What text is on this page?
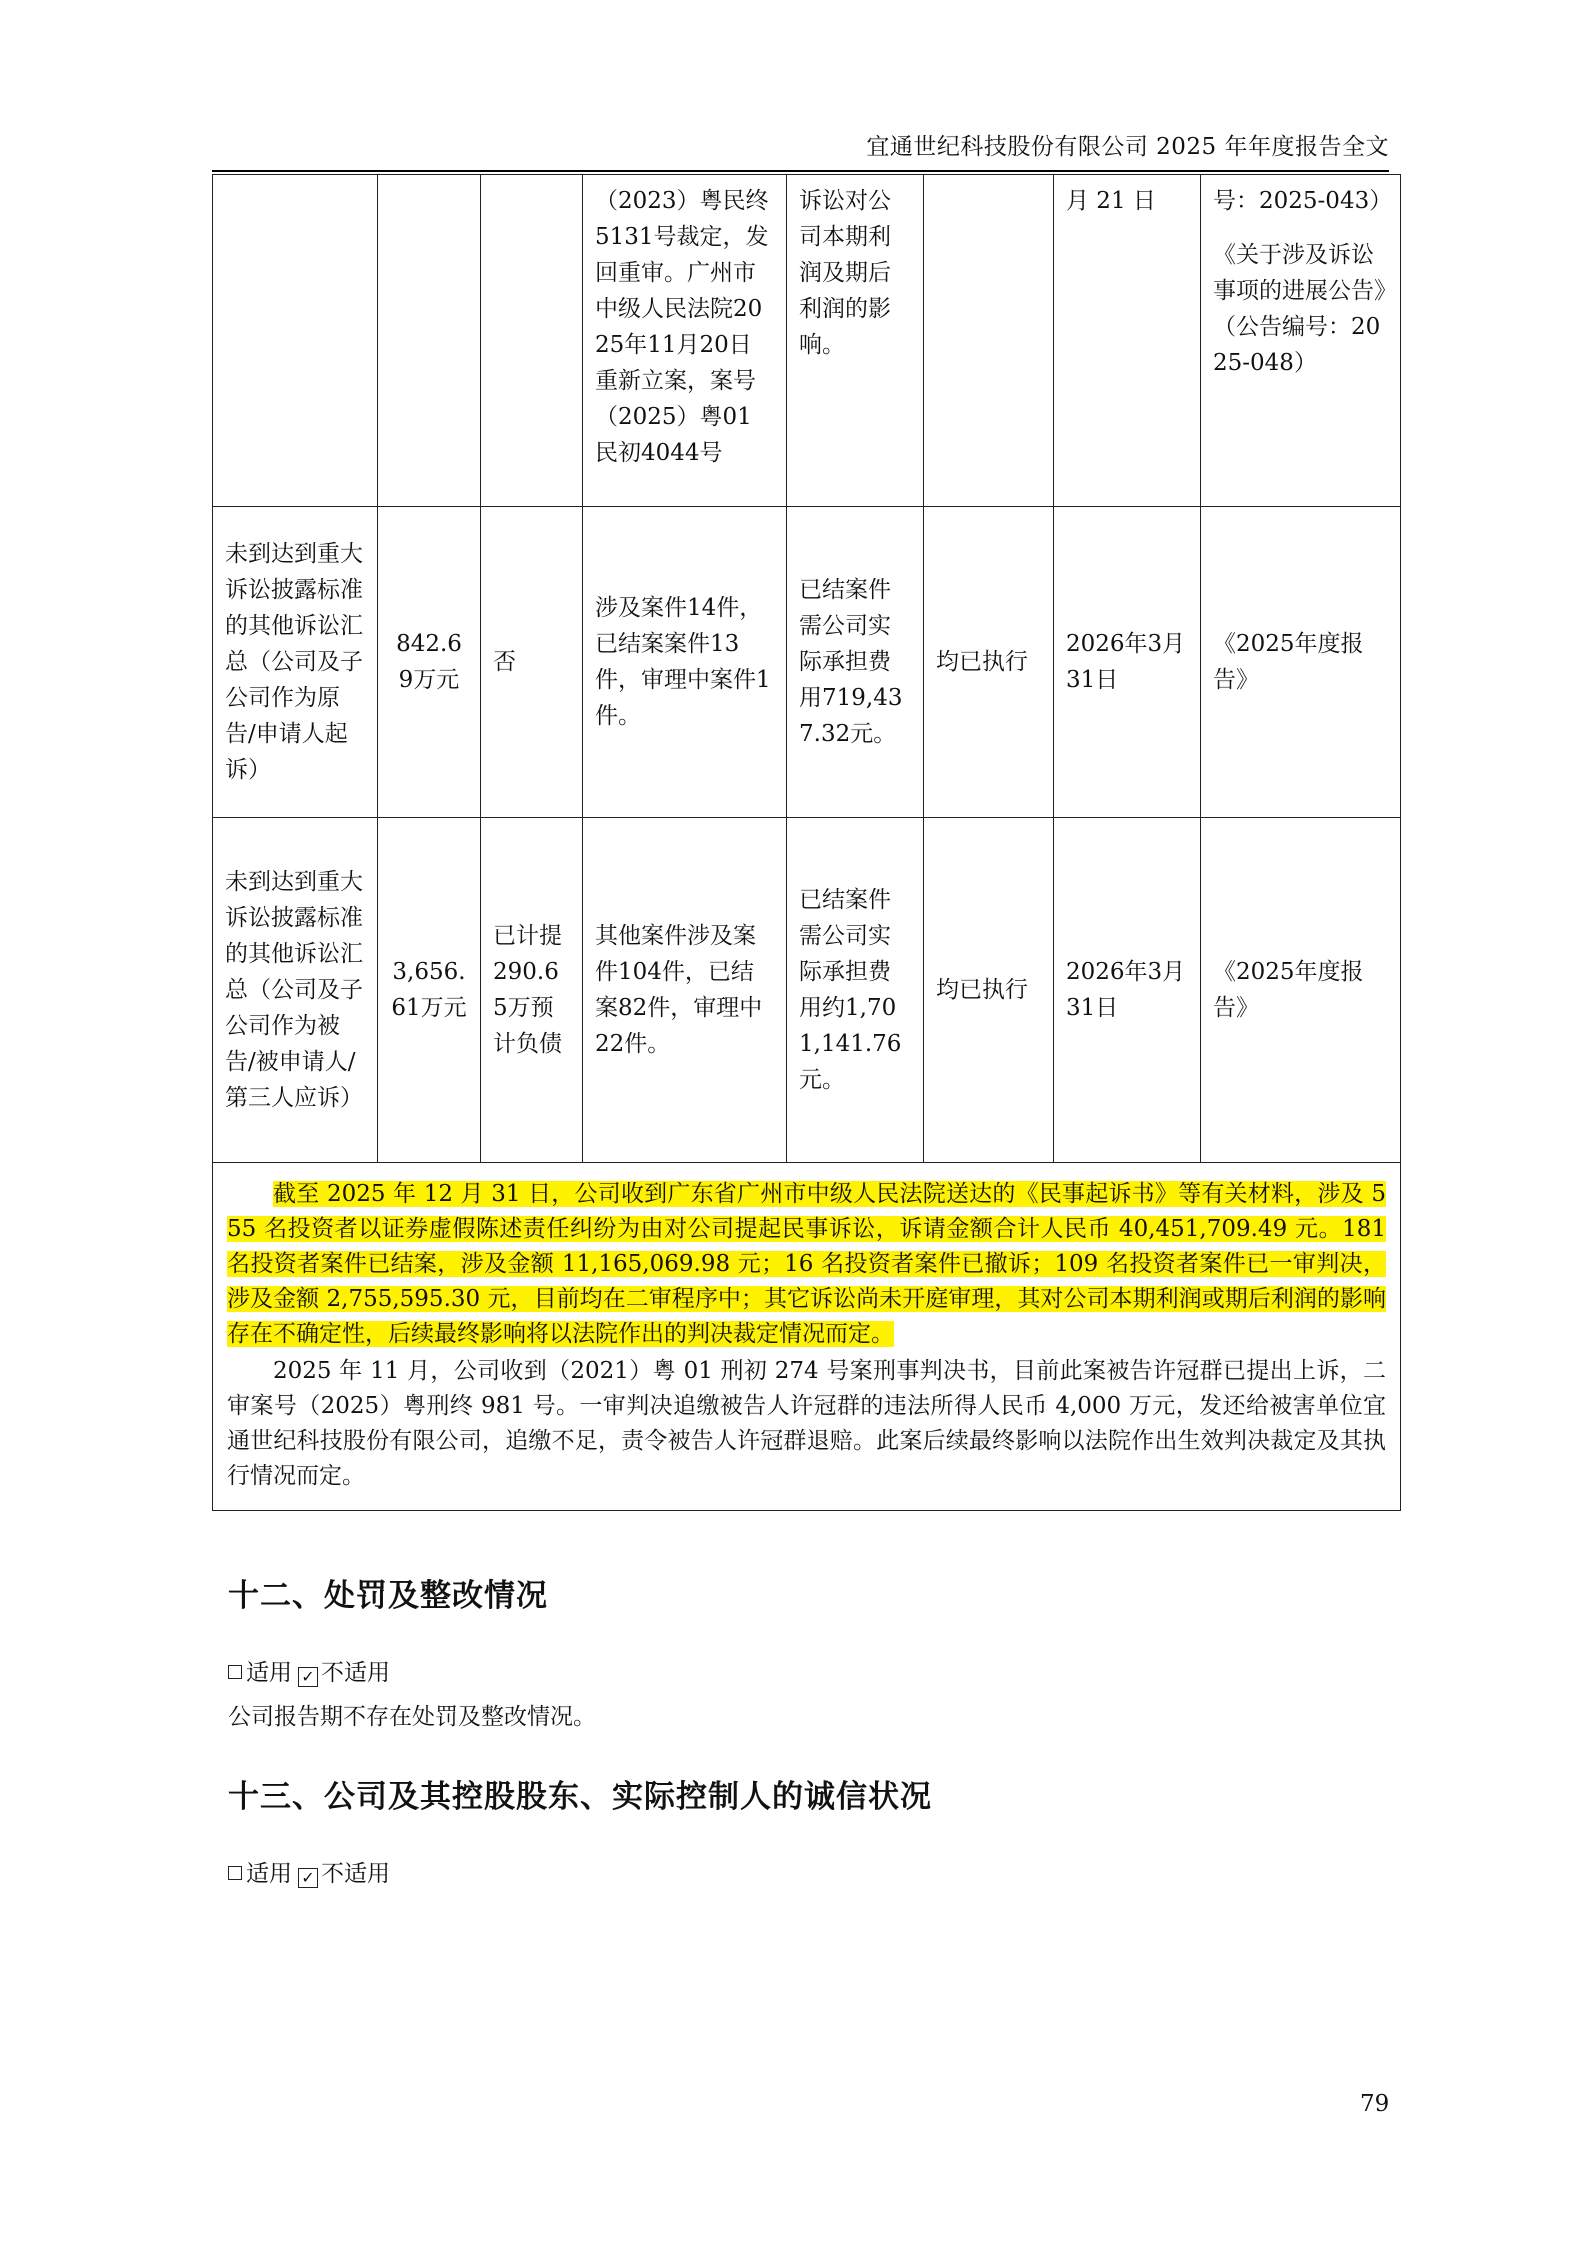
宜通世纪科技股份有限公司 2025 年年度报告全文
			（2023）粤民终5131号裁定，发回重审。广州市中级人民法院2025年11月20日重新立案，案号（2025）粤01民初4044号	诉讼对公司本期利润及期后利润的影响。		月 21 日	号：2025-043）
《关于涉及诉讼事项的进展公告》（公告编号：2025-048）

未到达到重大诉讼披露标准的其他诉讼汇总（公司及子公司作为原告/申请人起诉）	842.69万元	否	涉及案件14件，已结案案件13件，审理中案件1件。	已结案件需公司实际承担费用719,437.32元。	均已执行	2026年3月31日	《2025年度报告》
未到达到重大诉讼披露标准的其他诉讼汇总（公司及子公司作为被告/被申请人/第三人应诉）	3,656.61万元	已计提290.65万预计负债	其他案件涉及案件104件，已结案82件，审理中22件。	已结案件需公司实际承担费用约1,701,141.76元。	均已执行	2026年3月31日	《2025年度报告》

截至 2025 年 12 月 31 日，公司收到广东省广州市中级人民法院送达的《民事起诉书》等有关材料，涉及 555 名投资者以证券虚假陈述责任纠纷为由对公司提起民事诉讼，诉请金额合计人民币 40,451,709.49 元。181 名投资者案件已结案，涉及金额 11,165,069.98 元；16 名投资者案件已撤诉；109 名投资者案件已一审判决，涉及金额 2,755,595.30 元，目前均在二审程序中；其它诉讼尚未开庭审理，其对公司本期利润或期后利润的影响存在不确定性，后续最终影响将以法院作出的判决裁定情况而定。

2025 年 11 月，公司收到（2021）粤 01 刑初 274 号案刑事判决书，目前此案被告许冠群已提出上诉，二审案号（2025）粤刑终 981 号。一审判决追缴被告人许冠群的违法所得人民币 4,000 万元，发还给被害单位宜通世纪科技股份有限公司，追缴不足，责令被告人许冠群退赔。此案后续最终影响以法院作出生效判决裁定及其执行情况而定。							

十二、处罚及整改情况
适用 ✓ 不适用
公司报告期不存在处罚及整改情况。
十三、公司及其控股股东、实际控制人的诚信状况
适用 ✓ 不适用
79
